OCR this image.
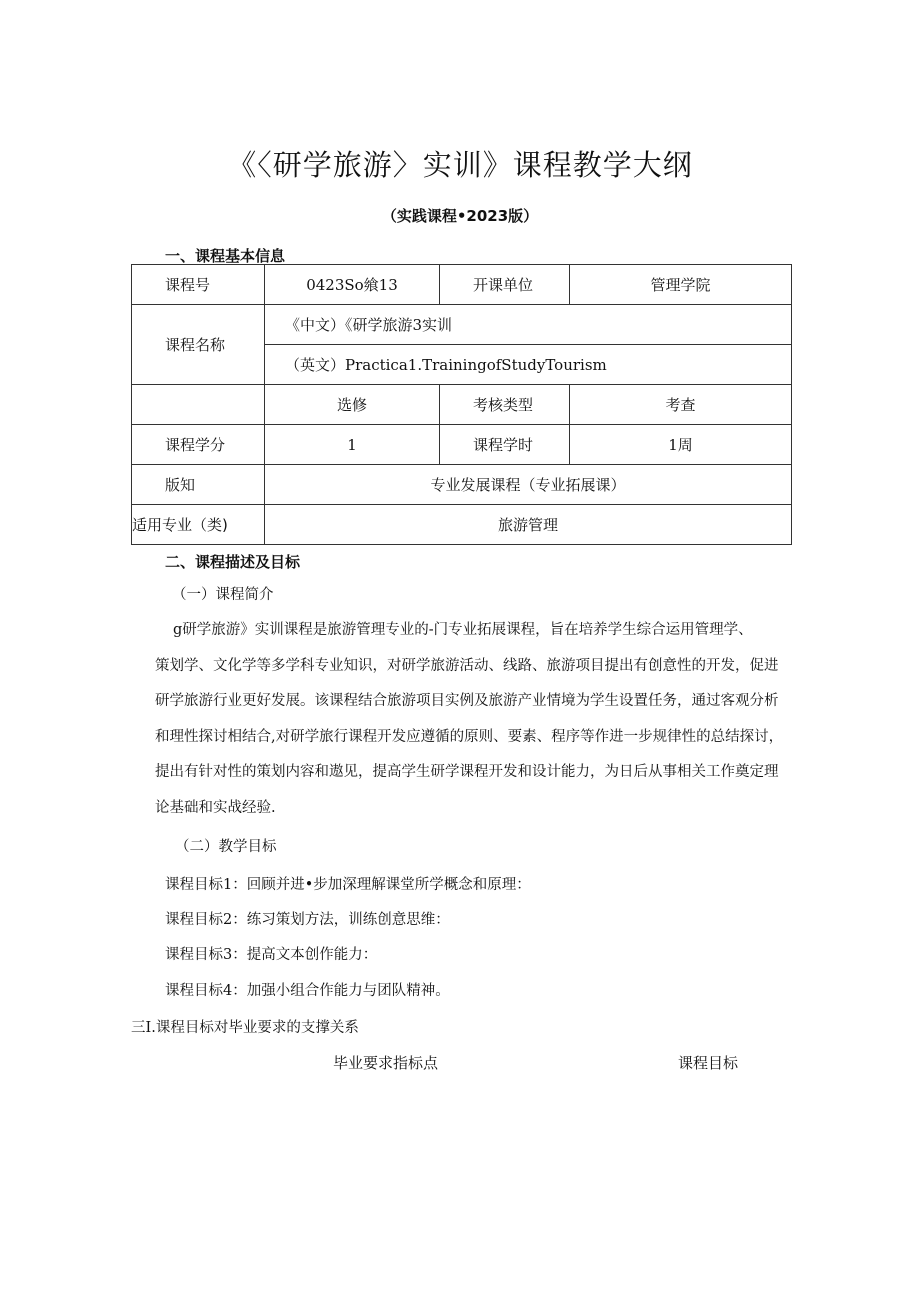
《〈研学旅游〉实训》课程教学大纲
（实践课程•2023版）
一、课程基本信息
课程号	0423So飨13	开课单位	管理学院
课程名称	《中文）《研学旅游3实训		
	（英文）Practica1.TrainingofStudyTourism		
	选修	考核类型	考查
课程学分	1	课程学时	1周
版知	专业发展课程（专业拓展课）		
适用专业（类)	旅游管理		
二、课程描述及目标
（一）课程简介

g研学旅游》实训课程是旅游管理专业的-门专业拓展课程，旨在培养学生综合运用管理学、

策划学、文化学等多学科专业知识，对研学旅游活动、线路、旅游项目提出有创意性的开发，促进

研学旅游行业更好发展。该课程结合旅游项目实例及旅游产业情境为学生设置任务，通过客观分析

和理性探讨相结合,对研学旅行课程开发应遵循的原则、要素、程序等作进一步规律性的总结探讨，

提出有针对性的策划内容和遨见，提高学生研学课程开发和设计能力，为日后从事相关工作奠定理

论基础和实战经验.

（二）教学目标
课程目标1：回顾并进•步加深理解课堂所学概念和原理：
课程目标2：练习策划方法，训练创意思维：
课程目标3：提高文本创作能力：
课程目标4：加强小组合作能力与团队精神。
三I.课程目标对毕业要求的支撑关系
毕业要求指标点	课程目标
